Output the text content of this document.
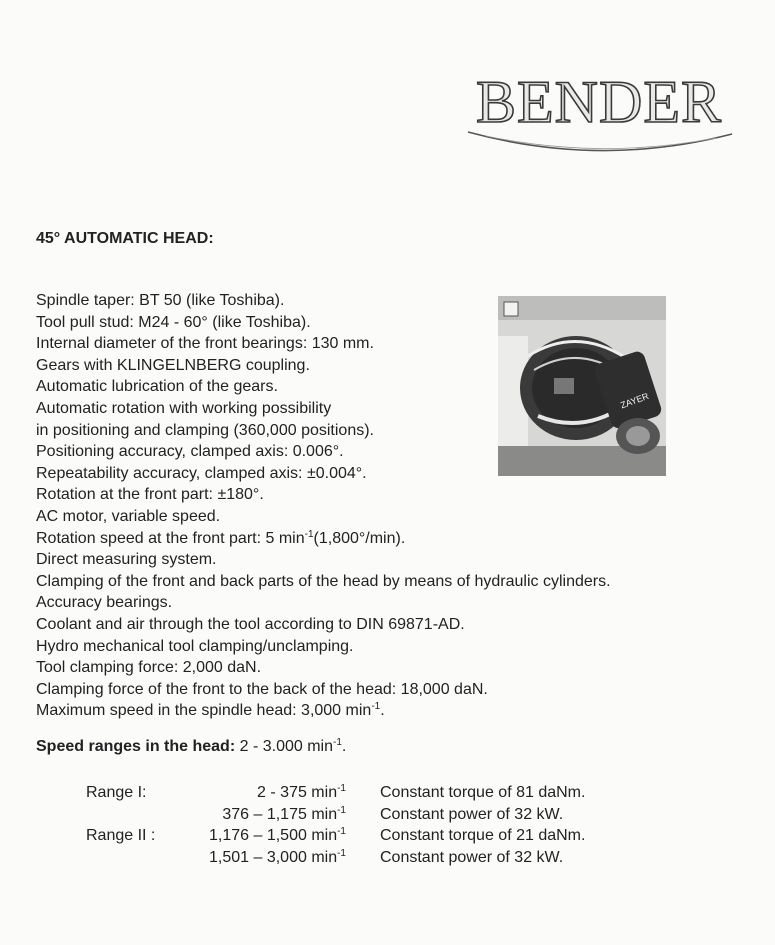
BENDER
45° AUTOMATIC HEAD:
Spindle taper: BT 50 (like Toshiba).
Tool pull stud: M24 - 60° (like Toshiba).
Internal diameter of the front bearings: 130 mm.
Gears with KLINGELNBERG coupling.
Automatic lubrication of the gears.
Automatic rotation with working possibility
in positioning and clamping (360,000 positions).
Positioning accuracy, clamped axis: 0.006°.
Repeatability accuracy, clamped axis: ±0.004°.
Rotation at the front part: ±180°.
AC motor, variable speed.
Rotation speed at the front part: 5 $\min^{-1}(1,800^\circ/\min)$.
Direct measuring system.
Clamping of the front and back parts of the head by means of hydraulic cylinders.
Accuracy bearings.
Coolant and air through the tool according to DIN 69871-AD.
Hydro mechanical tool clamping/unclamping.
Tool clamping force: 2,000 daN.
Clamping force of the front to the back of the head: 18,000 daN.
Maximum speed in the spindle head: 3,000 $\min^{-1}$.
ZAYER
Speed ranges in the head: 2 - 3.000 $\min^{-1}$.
Range I:	2 - 375 $\min^{-1}$	Constant torque of 81 daNm.
	376 – 1,175 $\min^{-1}$	Constant power of 32 kW.
Range II :	1,176 – 1,500 $\min^{-1}$	Constant torque of 21 daNm.
	1,501 – 3,000 $\min^{-1}$	Constant power of 32 kW.
